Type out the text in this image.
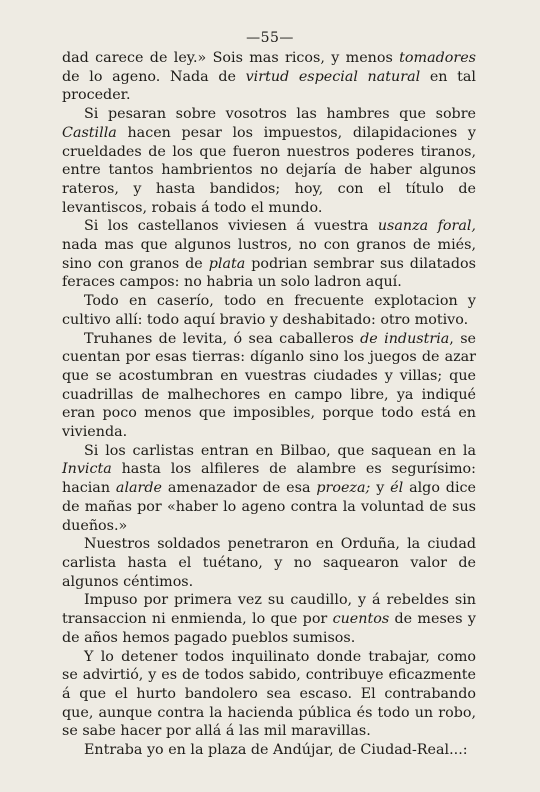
—55—

dad carece de ley.» Sois mas ricos, y menos tomadores de lo ageno. Nada de virtud especial natural en tal proceder.

Si pesaran sobre vosotros las hambres que sobre Castilla hacen pesar los impuestos, dilapidaciones y crueldades de los que fueron nuestros poderes tiranos, entre tantos hambrientos no dejaría de haber algunos rateros, y hasta bandidos; hoy, con el título de levantiscos, robais á todo el mundo.

Si los castellanos viviesen á vuestra usanza foral, nada mas que algunos lustros, no con granos de miés, sino con granos de plata podrian sembrar sus dilatados feraces campos: no habria un solo ladron aquí.

Todo en caserío, todo en frecuente explotacion y cultivo allí: todo aquí bravio y deshabitado: otro motivo.

Truhanes de levita, ó sea caballeros de industria, se cuentan por esas tierras: díganlo sino los juegos de azar que se acostumbran en vuestras ciudades y villas; que cuadrillas de malhechores en campo libre, ya indiqué eran poco menos que imposibles, porque todo está en vivienda.

Si los carlistas entran en Bilbao, que saquean en la Invicta hasta los alfileres de alambre es segurísimo: hacian alarde amenazador de esa proeza; y él algo dice de mañas por «haber lo ageno contra la voluntad de sus dueños.»

Nuestros soldados penetraron en Orduña, la ciudad carlista hasta el tuétano, y no saquearon valor de algunos céntimos.

Impuso por primera vez su caudillo, y á rebeldes sin transaccion ni enmienda, lo que por cuentos de meses y de años hemos pagado pueblos sumisos.

Y lo detener todos inquilinato donde trabajar, como se advirtió, y es de todos sabido, contribuye eficazmente á que el hurto bandolero sea escaso. El contrabando que, aunque contra la hacienda pública és todo un robo, se sabe hacer por allá á las mil maravillas.

Entraba yo en la plaza de Andújar, de Ciudad-Real...:
